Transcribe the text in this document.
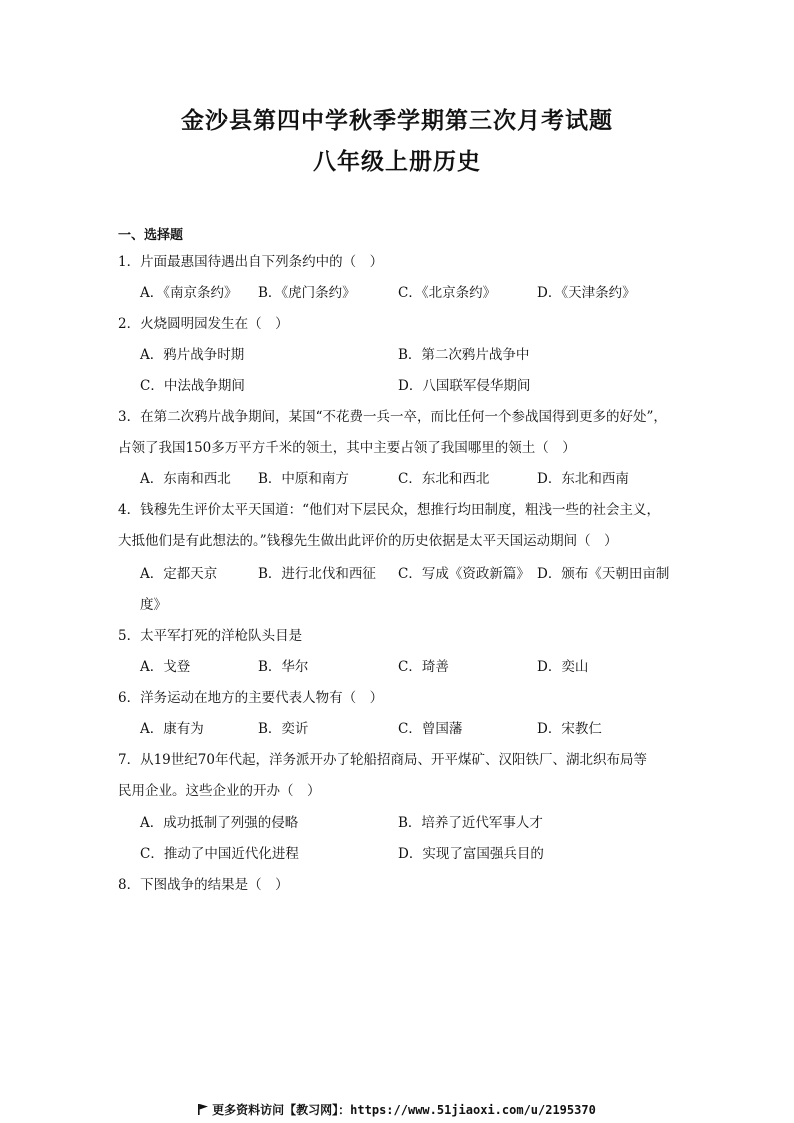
金沙县第四中学秋季学期第三次月考试题
八年级上册历史
一、选择题
1．片面最惠国待遇出自下列条约中的（　）
A．《南京条约》 B．《虎门条约》	C．《北京条约》	D．《天津条约》
2．火烧圆明园发生在（　）
A．鸦片战争时期	B．第二次鸦片战争中
C．中法战争期间	D．八国联军侵华期间
3．在第二次鸦片战争期间，某国“不花费一兵一卒，而比任何一个参战国得到更多的好处”，
占领了我国150多万平方千米的领土，其中主要占领了我国哪里的领土（　）
A．东南和西北 B．中原和南方	C．东北和西北	D．东北和西南
4．钱穆先生评价太平天国道：“他们对下层民众，想推行均田制度，粗浅一些的社会主义，
大抵他们是有此想法的。”钱穆先生做出此评价的历史依据是太平天国运动期间（　）
A．定都天京	B．进行北伐和西征 C．写成《资政新篇》 D．颁布《天朝田亩制
度》
5．太平军打死的洋枪队头目是
A．戈登	B．华尔	C．琦善	D．奕山
6．洋务运动在地方的主要代表人物有（　）
A．康有为	B．奕䜣	C．曾国藩	D．宋教仁
7．从19世纪70年代起，洋务派开办了轮船招商局、开平煤矿、汉阳铁厂、湖北织布局等
民用企业。这些企业的开办（　）
A．成功抵制了列强的侵略	B．培养了近代军事人才
C．推动了中国近代化进程	D．实现了富国强兵目的
8．下图战争的结果是（　）
更多资料访问【教习网】：https://www.51jiaoxi.com/u/2195370
